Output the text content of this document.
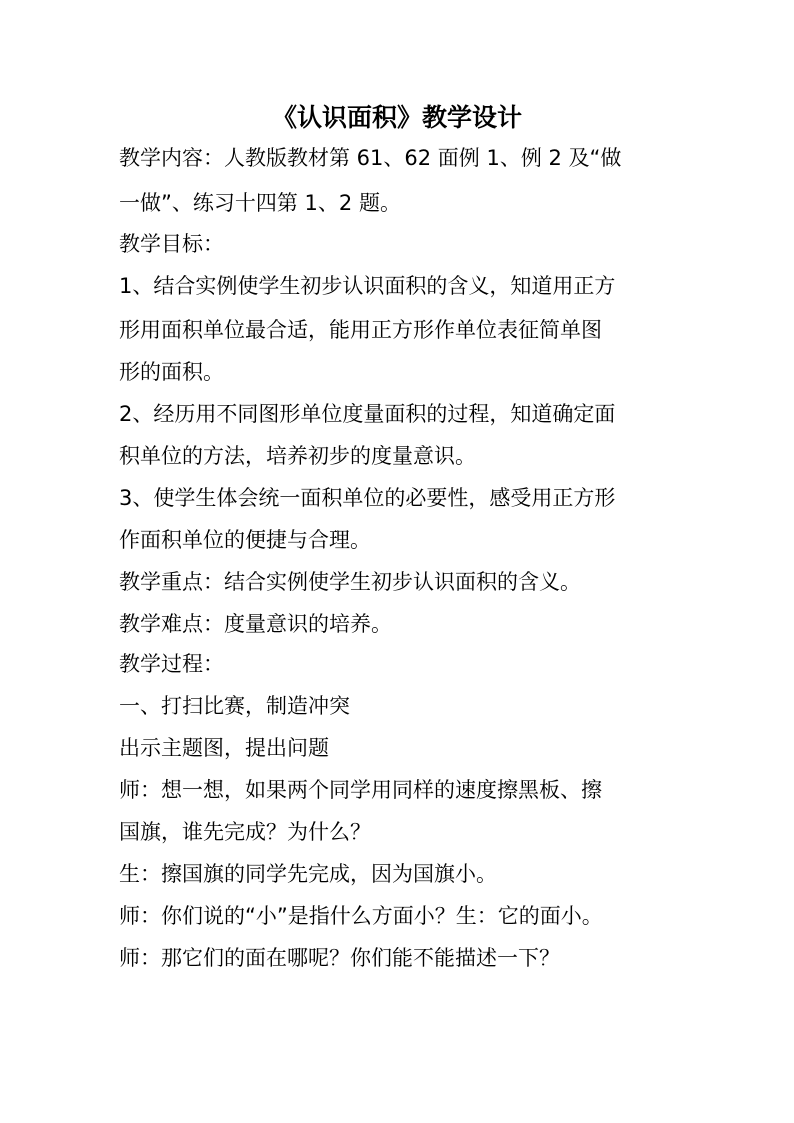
《认识面积》教学设计
教学内容：人教版教材第 61、62 面例 1、例 2 及“做
一做”、练习十四第 1、2 题。
教学目标：
1、结合实例使学生初步认识面积的含义，知道用正方
形用面积单位最合适，能用正方形作单位表征简单图
形的面积。
2、经历用不同图形单位度量面积的过程，知道确定面
积单位的方法，培养初步的度量意识。
3、使学生体会统一面积单位的必要性，感受用正方形
作面积单位的便捷与合理。
教学重点：结合实例使学生初步认识面积的含义。
教学难点：度量意识的培养。
教学过程：
一、打扫比赛，制造冲突
出示主题图，提出问题
师：想一想，如果两个同学用同样的速度擦黑板、擦
国旗，谁先完成？为什么？
生：擦国旗的同学先完成，因为国旗小。
师：你们说的“小”是指什么方面小？生：它的面小。
师：那它们的面在哪呢？你们能不能描述一下？
